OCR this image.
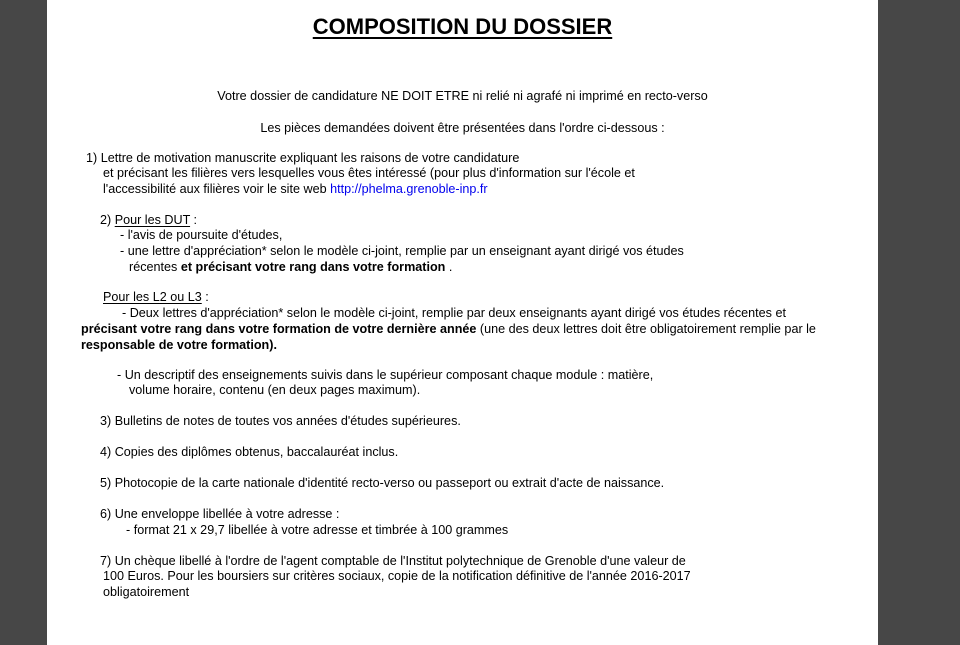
COMPOSITION DU DOSSIER
Votre dossier de candidature NE DOIT ETRE ni relié ni agrafé ni imprimé en recto-verso
Les pièces demandées doivent être présentées dans l'ordre ci-dessous :
1) Lettre de motivation manuscrite expliquant les raisons de votre candidature
et précisant les filières vers lesquelles vous êtes intéressé (pour plus d'information sur l'école et
l'accessibilité aux filières voir le site web http://phelma.grenoble-inp.fr
2) Pour les DUT :
- l'avis de poursuite d'études,
- une lettre d'appréciation* selon le modèle ci-joint, remplie par un enseignant ayant dirigé vos études
récentes et précisant votre rang dans votre formation .
Pour les L2 ou L3 :
- Deux lettres d'appréciation* selon le modèle ci-joint, remplie par deux enseignants ayant dirigé vos études récentes et
précisant votre rang dans votre formation de votre dernière année (une des deux lettres doit être obligatoirement remplie par le
responsable de votre formation).
- Un descriptif des enseignements suivis dans le supérieur composant chaque module : matière,
volume horaire, contenu (en deux pages maximum).
3) Bulletins de notes de toutes vos années d'études supérieures.
4) Copies des diplômes obtenus, baccalauréat inclus.
5) Photocopie de la carte nationale d'identité recto-verso ou passeport ou extrait d'acte de naissance.
6) Une enveloppe libellée à votre adresse :
- format 21 x 29,7 libellée à votre adresse et timbrée à 100 grammes
7) Un chèque libellé à l'ordre de l'agent comptable de l'Institut polytechnique de Grenoble d'une valeur de
100 Euros. Pour les boursiers sur critères sociaux, copie de la notification définitive de l'année 2016-2017
obligatoirement
